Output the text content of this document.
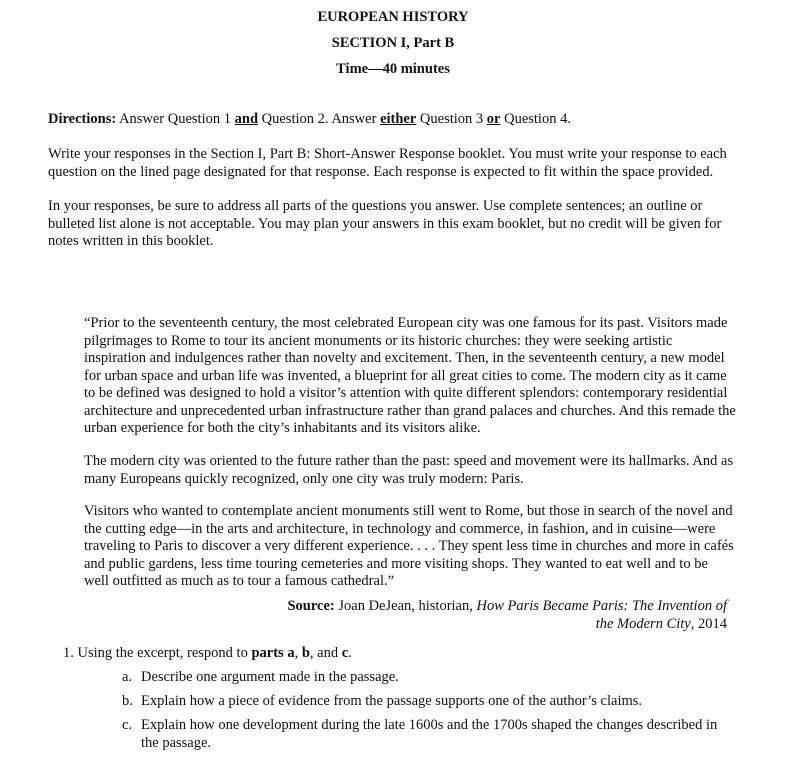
EUROPEAN HISTORY
SECTION I, Part B
Time—40 minutes
Directions: Answer Question 1 and Question 2. Answer either Question 3 or Question 4.
Write your responses in the Section I, Part B: Short-Answer Response booklet. You must write your response to each question on the lined page designated for that response. Each response is expected to fit within the space provided.
In your responses, be sure to address all parts of the questions you answer. Use complete sentences; an outline or bulleted list alone is not acceptable. You may plan your answers in this exam booklet, but no credit will be given for notes written in this booklet.
“Prior to the seventeenth century, the most celebrated European city was one famous for its past. Visitors made pilgrimages to Rome to tour its ancient monuments or its historic churches: they were seeking artistic inspiration and indulgences rather than novelty and excitement. Then, in the seventeenth century, a new model for urban space and urban life was invented, a blueprint for all great cities to come. The modern city as it came to be defined was designed to hold a visitor’s attention with quite different splendors: contemporary residential architecture and unprecedented urban infrastructure rather than grand palaces and churches. And this remade the urban experience for both the city’s inhabitants and its visitors alike.
The modern city was oriented to the future rather than the past: speed and movement were its hallmarks. And as many Europeans quickly recognized, only one city was truly modern: Paris.
Visitors who wanted to contemplate ancient monuments still went to Rome, but those in search of the novel and the cutting edge—in the arts and architecture, in technology and commerce, in fashion, and in cuisine—were traveling to Paris to discover a very different experience. . . . They spent less time in churches and more in cafés and public gardens, less time touring cemeteries and more visiting shops. They wanted to eat well and to be well outfitted as much as to tour a famous cathedral.”
Source: Joan DeJean, historian, How Paris Became Paris: The Invention of the Modern City, 2014
1. Using the excerpt, respond to parts a, b, and c.
a. Describe one argument made in the passage.
b. Explain how a piece of evidence from the passage supports one of the author’s claims.
c. Explain how one development during the late 1600s and the 1700s shaped the changes described in the passage.
